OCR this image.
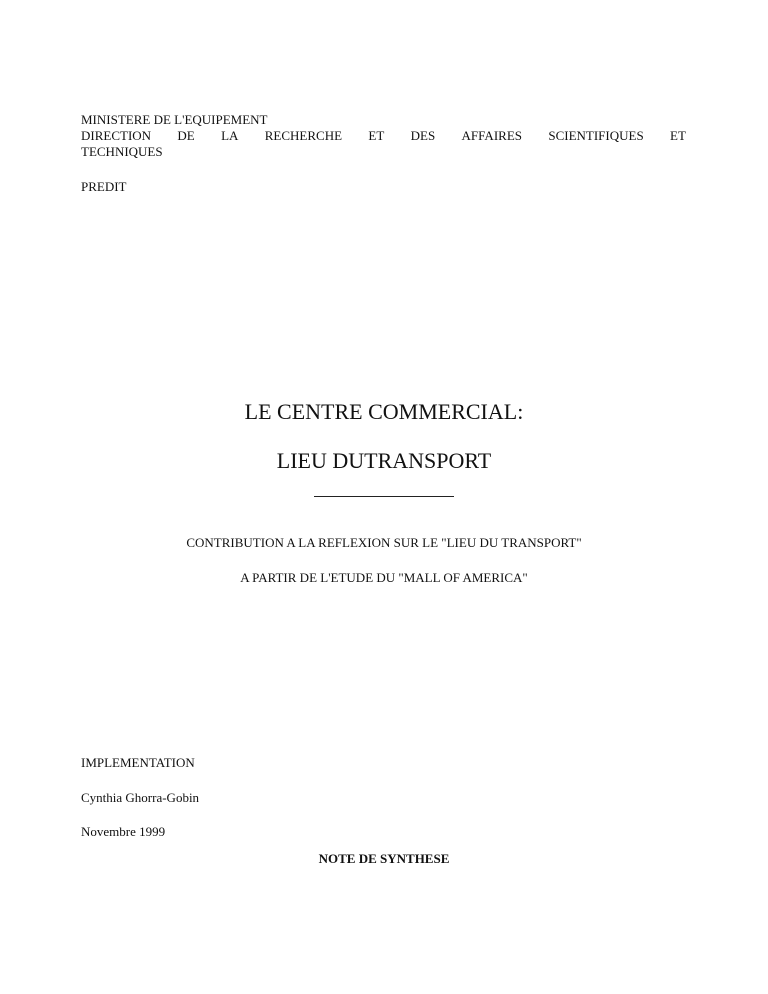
MINISTERE DE L'EQUIPEMENT
DIRECTION DE LA RECHERCHE ET DES AFFAIRES SCIENTIFIQUES ET
TECHNIQUES
PREDIT
LE CENTRE COMMERCIAL:
LIEU DUTRANSPORT
CONTRIBUTION A LA REFLEXION SUR LE "LIEU DU TRANSPORT"
A PARTIR DE L'ETUDE DU "MALL OF AMERICA"
IMPLEMENTATION
Cynthia Ghorra-Gobin
Novembre 1999
NOTE DE SYNTHESE
